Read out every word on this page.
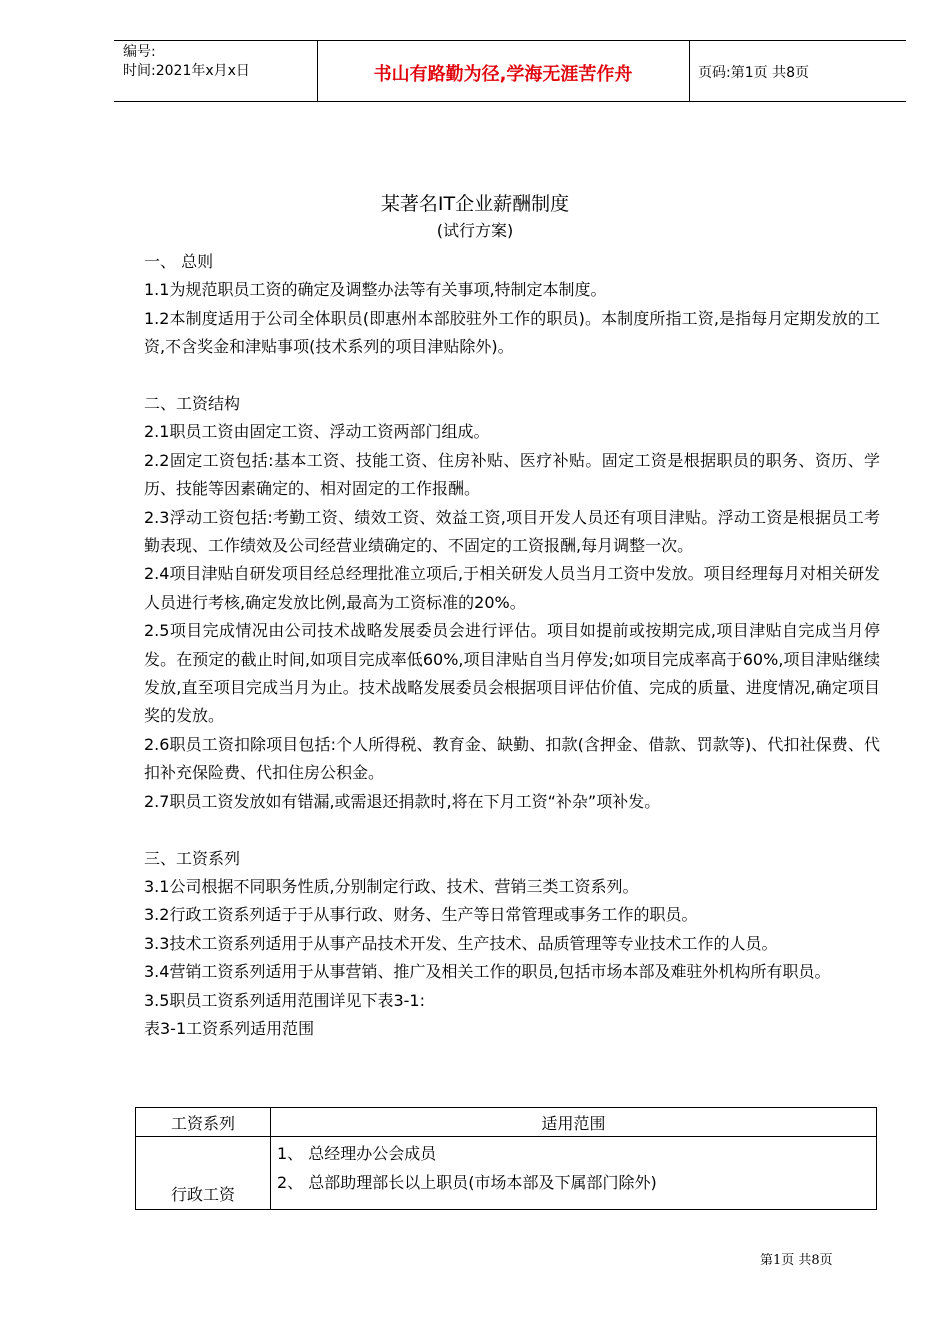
编号:
时间:2021年x月x日	书山有路勤为径,学海无涯苦作舟	页码:第1页 共8页
某著名IT企业薪酬制度
(试行方案)

一、 总则

1.1为规范职员工资的确定及调整办法等有关事项,特制定本制度。

1.2本制度适用于公司全体职员(即惠州本部胶驻外工作的职员)。本制度所指工资,是指每月定期发放的工资,不含奖金和津贴事项(技术系列的项目津贴除外)。

二、工资结构

2.1职员工资由固定工资、浮动工资两部门组成。

2.2固定工资包括:基本工资、技能工资、住房补贴、医疗补贴。固定工资是根据职员的职务、资历、学历、技能等因素确定的、相对固定的工作报酬。

2.3浮动工资包括:考勤工资、绩效工资、效益工资,项目开发人员还有项目津贴。浮动工资是根据员工考勤表现、工作绩效及公司经营业绩确定的、不固定的工资报酬,每月调整一次。

2.4项目津贴自研发项目经总经理批准立项后,于相关研发人员当月工资中发放。项目经理每月对相关研发人员进行考核,确定发放比例,最高为工资标准的20%。

2.5项目完成情况由公司技术战略发展委员会进行评估。项目如提前或按期完成,项目津贴自完成当月停发。在预定的截止时间,如项目完成率低60%,项目津贴自当月停发;如项目完成率高于60%,项目津贴继续发放,直至项目完成当月为止。技术战略发展委员会根据项目评估价值、完成的质量、进度情况,确定项目奖的发放。

2.6职员工资扣除项目包括:个人所得税、教育金、缺勤、扣款(含押金、借款、罚款等)、代扣社保费、代扣补充保险费、代扣住房公积金。

2.7职员工资发放如有错漏,或需退还捐款时,将在下月工资“补杂”项补发。

三、工资系列

3.1公司根据不同职务性质,分别制定行政、技术、营销三类工资系列。

3.2行政工资系列适于于从事行政、财务、生产等日常管理或事务工作的职员。

3.3技术工资系列适用于从事产品技术开发、生产技术、品质管理等专业技术工作的人员。

3.4营销工资系列适用于从事营销、推广及相关工作的职员,包括市场本部及难驻外机构所有职员。

3.5职员工资系列适用范围详见下表3-1:

表3-1工资系列适用范围

工资系列	适用范围
行政工资	1、 总经理办公会成员
2、 总部助理部长以上职员(市场本部及下属部门除外)
第1页 共8页
